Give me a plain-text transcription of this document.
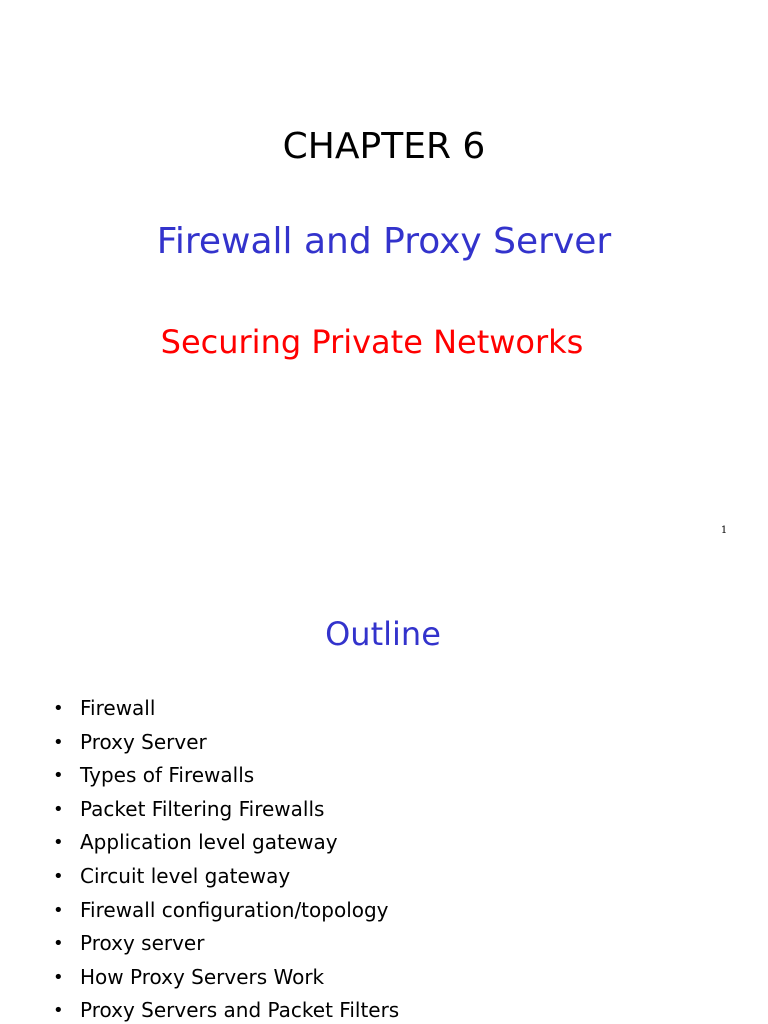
CHAPTER 6
Firewall and Proxy Server
Securing Private Networks
1
Outline
• Firewall
• Proxy Server
• Types of Firewalls
• Packet Filtering Firewalls
• Application level gateway
• Circuit level gateway
• Firewall configuration/topology
• Proxy server
• How Proxy Servers Work
• Proxy Servers and Packet Filters
